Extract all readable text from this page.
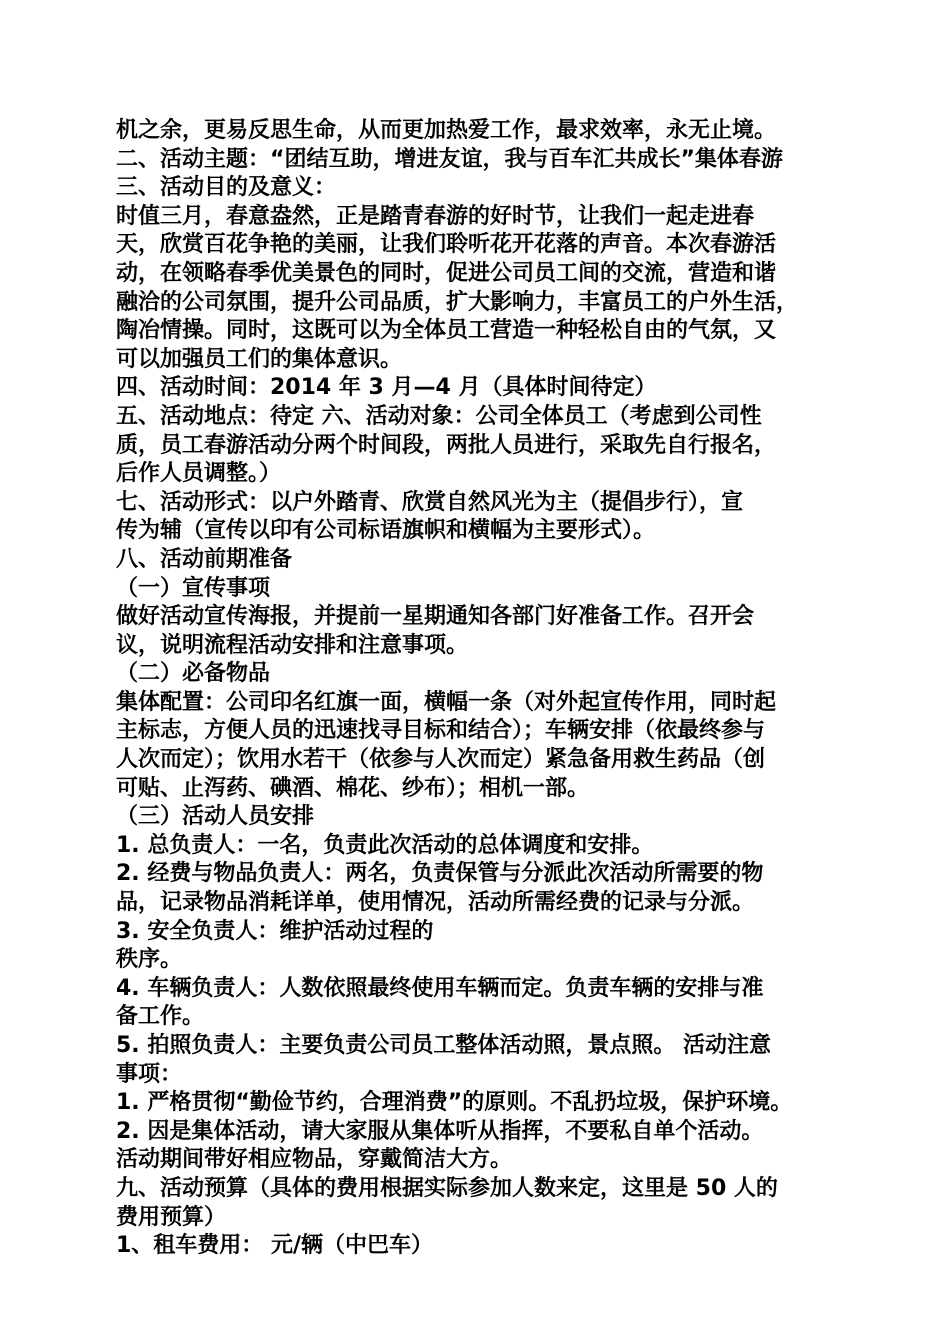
机之余，更易反思生命，从而更加热爱工作，最求效率，永无止境。
二、活动主题：“团结互助，增进友谊，我与百车汇共成长”集体春游
三、活动目的及意义：
时值三月，春意盎然，正是踏青春游的好时节，让我们一起走进春
天，欣赏百花争艳的美丽，让我们聆听花开花落的声音。本次春游活
动，在领略春季优美景色的同时，促进公司员工间的交流，营造和谐
融洽的公司氛围，提升公司品质，扩大影响力，丰富员工的户外生活，
陶冶情操。同时，这既可以为全体员工营造一种轻松自由的气氛，又
可以加强员工们的集体意识。
四、活动时间：2014 年 3 月—4 月（具体时间待定）
五、活动地点：待定 六、活动对象：公司全体员工（考虑到公司性
质，员工春游活动分两个时间段，两批人员进行，采取先自行报名，
后作人员调整。）
七、活动形式：以户外踏青、欣赏自然风光为主（提倡步行），宣
传为辅（宣传以印有公司标语旗帜和横幅为主要形式）。
八、活动前期准备
（一）宣传事项
做好活动宣传海报，并提前一星期通知各部门好准备工作。召开会
议，说明流程活动安排和注意事项。
（二）必备物品
集体配置：公司印名红旗一面，横幅一条（对外起宣传作用，同时起
主标志，方便人员的迅速找寻目标和结合）；车辆安排（依最终参与
人次而定）；饮用水若干（依参与人次而定）紧急备用救生药品（创
可贴、止泻药、碘酒、棉花、纱布）；相机一部。
（三）活动人员安排
1. 总负责人：一名，负责此次活动的总体调度和安排。
2. 经费与物品负责人：两名，负责保管与分派此次活动所需要的物
品，记录物品消耗详单，使用情况，活动所需经费的记录与分派。
3. 安全负责人：维护活动过程的
秩序。
4. 车辆负责人：人数依照最终使用车辆而定。负责车辆的安排与准
备工作。
5. 拍照负责人：主要负责公司员工整体活动照，景点照。 活动注意
事项：
1. 严格贯彻“勤俭节约，合理消费”的原则。不乱扔垃圾，保护环境。
2. 因是集体活动，请大家服从集体听从指挥，不要私自单个活动。
活动期间带好相应物品，穿戴简洁大方。
九、活动预算（具体的费用根据实际参加人数来定，这里是 50 人的
费用预算）
1、租车费用： 元/辆（中巴车）
